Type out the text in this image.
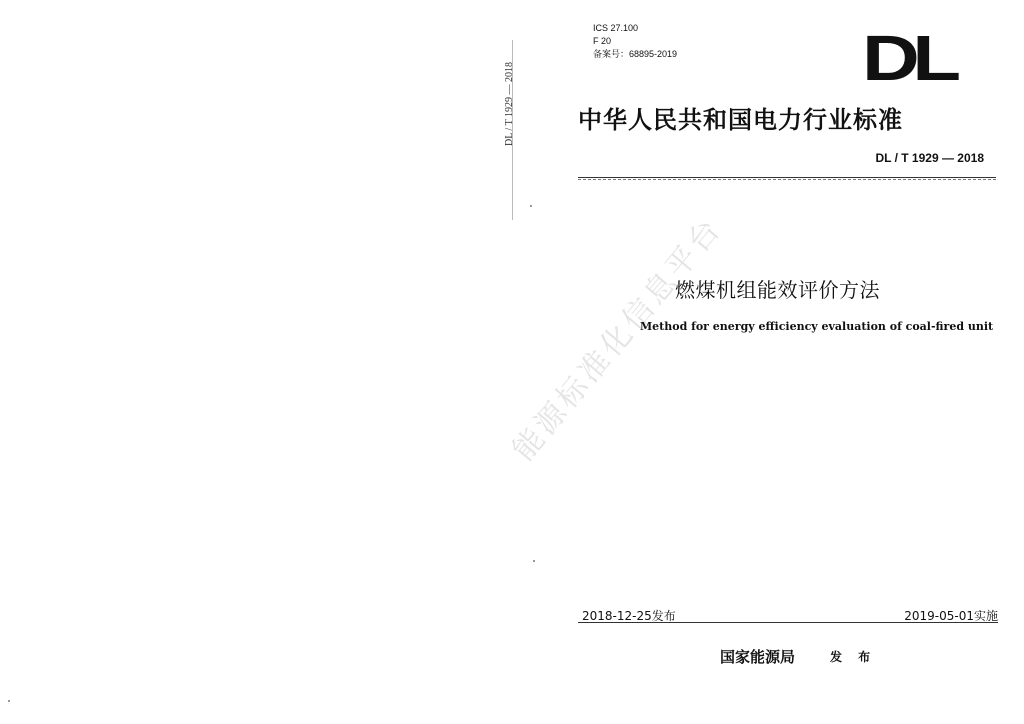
DL / T 1929 — 2018
ICS 27.100
F 20
备案号：68895-2019	DL
中华人民共和国电力行业标准
DL / T 1929 — 2018
能源标准化信息平台
燃煤机组能效评价方法
Method for energy efficiency evaluation of coal-fired unit
2018-12-25发布	2019-05-01实施
国家能源局	发 布
